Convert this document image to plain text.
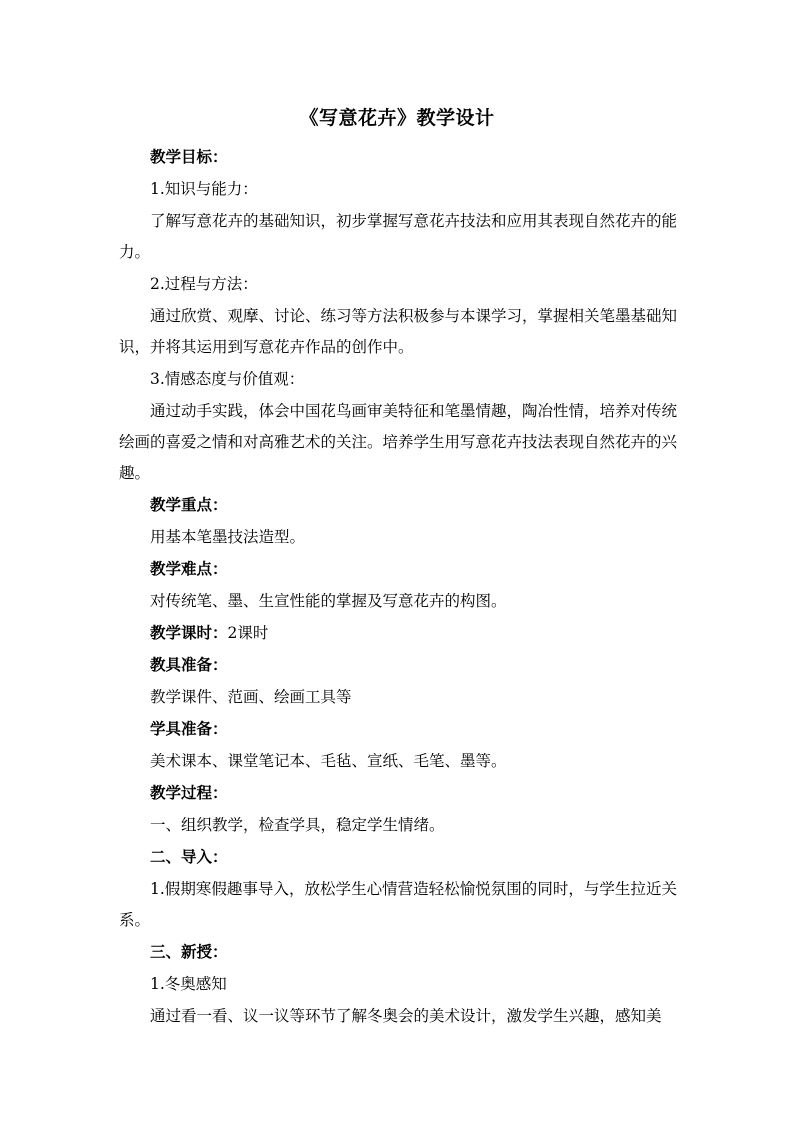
《写意花卉》教学设计

教学目标：

1.知识与能力：

了解写意花卉的基础知识，初步掌握写意花卉技法和应用其表现自然花卉的能力。

2.过程与方法：

通过欣赏、观摩、讨论、练习等方法积极参与本课学习，掌握相关笔墨基础知识，并将其运用到写意花卉作品的创作中。

3.情感态度与价值观：

通过动手实践，体会中国花鸟画审美特征和笔墨情趣，陶冶性情，培养对传统绘画的喜爱之情和对高雅艺术的关注。培养学生用写意花卉技法表现自然花卉的兴趣。

教学重点：

用基本笔墨技法造型。

教学难点：

对传统笔、墨、生宣性能的掌握及写意花卉的构图。

教学课时：2课时

教具准备：

教学课件、范画、绘画工具等

学具准备：

美术课本、课堂笔记本、毛毡、宣纸、毛笔、墨等。

教学过程：

一、组织教学，检查学具，稳定学生情绪。

二、导入：

1.假期寒假趣事导入，放松学生心情营造轻松愉悦氛围的同时，与学生拉近关系。

三、新授：

1.冬奥感知

通过看一看、议一议等环节了解冬奥会的美术设计，激发学生兴趣，感知美
